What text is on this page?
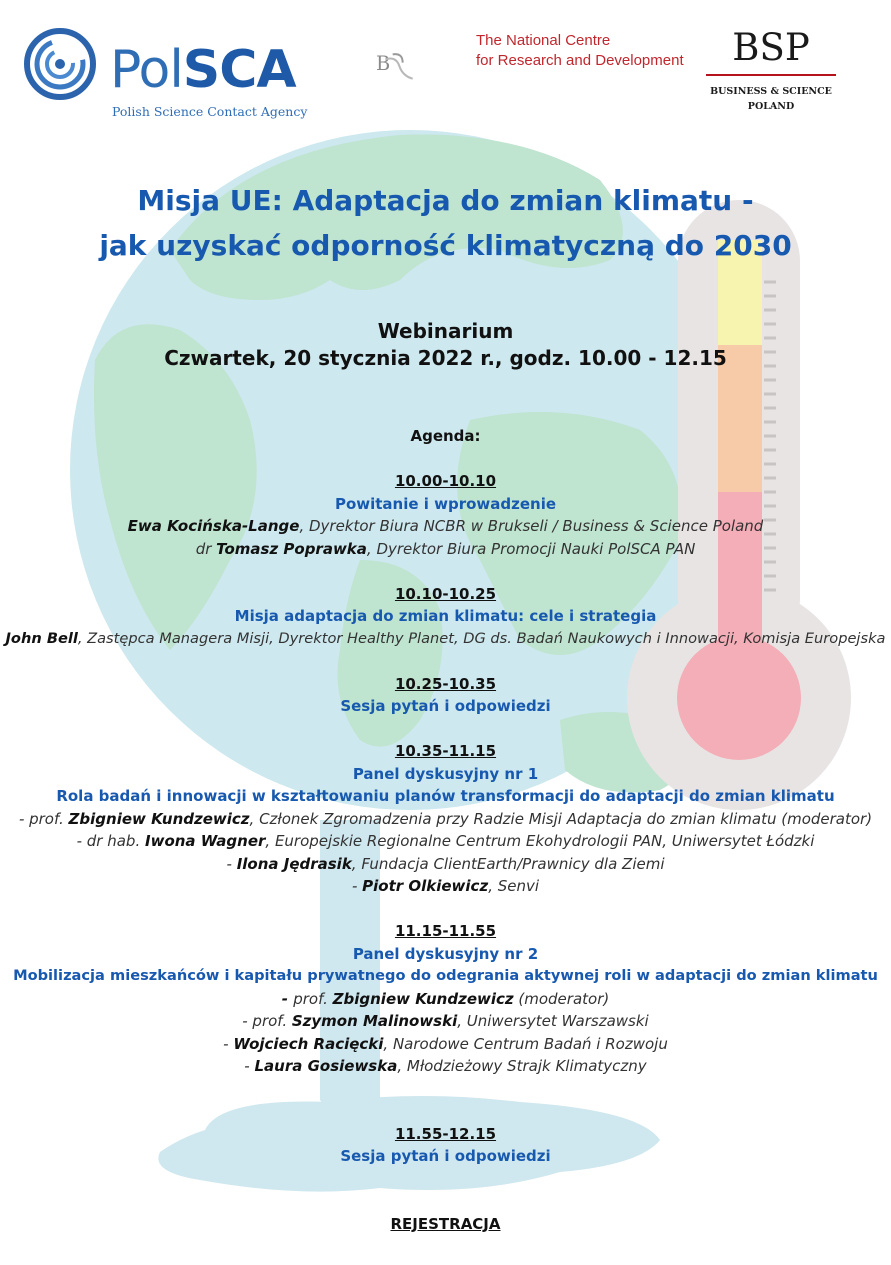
PolSCA
Polish Science Contact Agency
B
The National Centre
for Research and Development	BSP
BUSINESS & SCIENCE
POLAND
Misja UE: Adaptacja do zmian klimatu -
jak uzyskać odporność klimatyczną do 2030
Webinarium
Czwartek, 20 stycznia 2022 r., godz. 10.00 - 12.15
Agenda:
10.00-10.10
Powitanie i wprowadzenie
Ewa Kocińska-Lange, Dyrektor Biura NCBR w Brukseli / Business & Science Poland
dr Tomasz Poprawka, Dyrektor Biura Promocji Nauki PolSCA PAN
10.10-10.25
Misja adaptacja do zmian klimatu: cele i strategia
John Bell, Zastępca Managera Misji, Dyrektor Healthy Planet, DG ds. Badań Naukowych i Innowacji, Komisja Europejska
10.25-10.35
Sesja pytań i odpowiedzi
10.35-11.15
Panel dyskusyjny nr 1
Rola badań i innowacji w kształtowaniu planów transformacji do adaptacji do zmian klimatu
- prof. Zbigniew Kundzewicz, Członek Zgromadzenia przy Radzie Misji Adaptacja do zmian klimatu (moderator)
- dr hab. Iwona Wagner, Europejskie Regionalne Centrum Ekohydrologii PAN, Uniwersytet Łódzki
- Ilona Jędrasik, Fundacja ClientEarth/Prawnicy dla Ziemi
- Piotr Olkiewicz, Senvi
11.15-11.55
Panel dyskusyjny nr 2
Mobilizacja mieszkańców i kapitału prywatnego do odegrania aktywnej roli w adaptacji do zmian klimatu
- prof. Zbigniew Kundzewicz (moderator)
- prof. Szymon Malinowski, Uniwersytet Warszawski
- Wojciech Racięcki, Narodowe Centrum Badań i Rozwoju
- Laura Gosiewska, Młodzieżowy Strajk Klimatyczny
11.55-12.15
Sesja pytań i odpowiedzi
REJESTRACJA
